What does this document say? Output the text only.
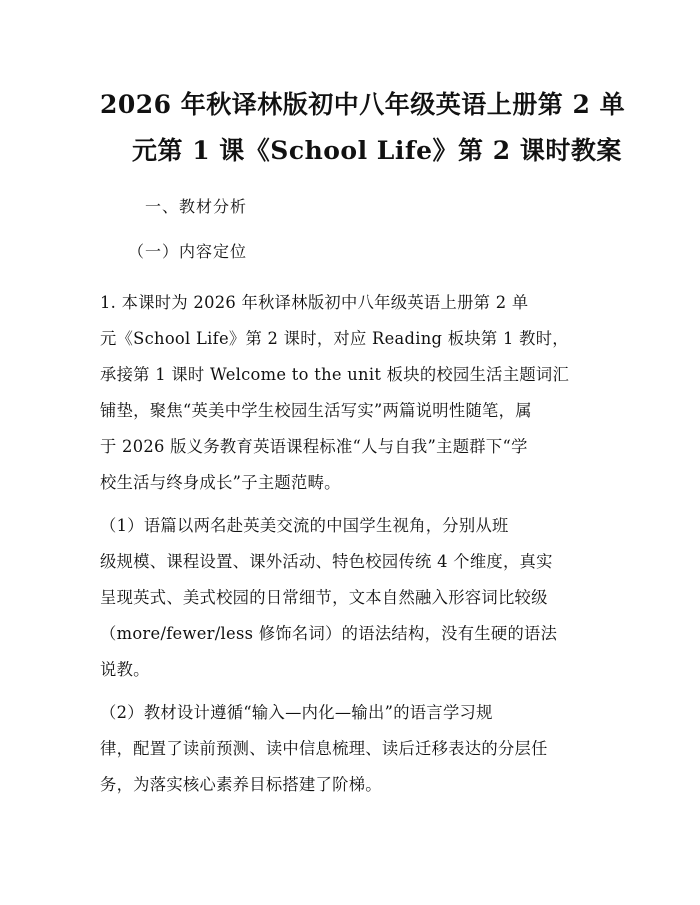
2026 年秋译林版初中八年级英语上册第 2 单
元第 1 课《School Life》第 2 课时教案
一、教材分析
（一）内容定位
1. 本课时为 2026 年秋译林版初中八年级英语上册第 2 单
元《School Life》第 2 课时，对应 Reading 板块第 1 教时，
承接第 1 课时 Welcome to the unit 板块的校园生活主题词汇
铺垫，聚焦“英美中学生校园生活写实”两篇说明性随笔，属
于 2026 版义务教育英语课程标准“人与自我”主题群下“学
校生活与终身成长”子主题范畴。
（1）语篇以两名赴英美交流的中国学生视角，分别从班
级规模、课程设置、课外活动、特色校园传统 4 个维度，真实
呈现英式、美式校园的日常细节，文本自然融入形容词比较级
（more/fewer/less 修饰名词）的语法结构，没有生硬的语法
说教。
（2）教材设计遵循“输入—内化—输出”的语言学习规
律，配置了读前预测、读中信息梳理、读后迁移表达的分层任
务，为落实核心素养目标搭建了阶梯。
